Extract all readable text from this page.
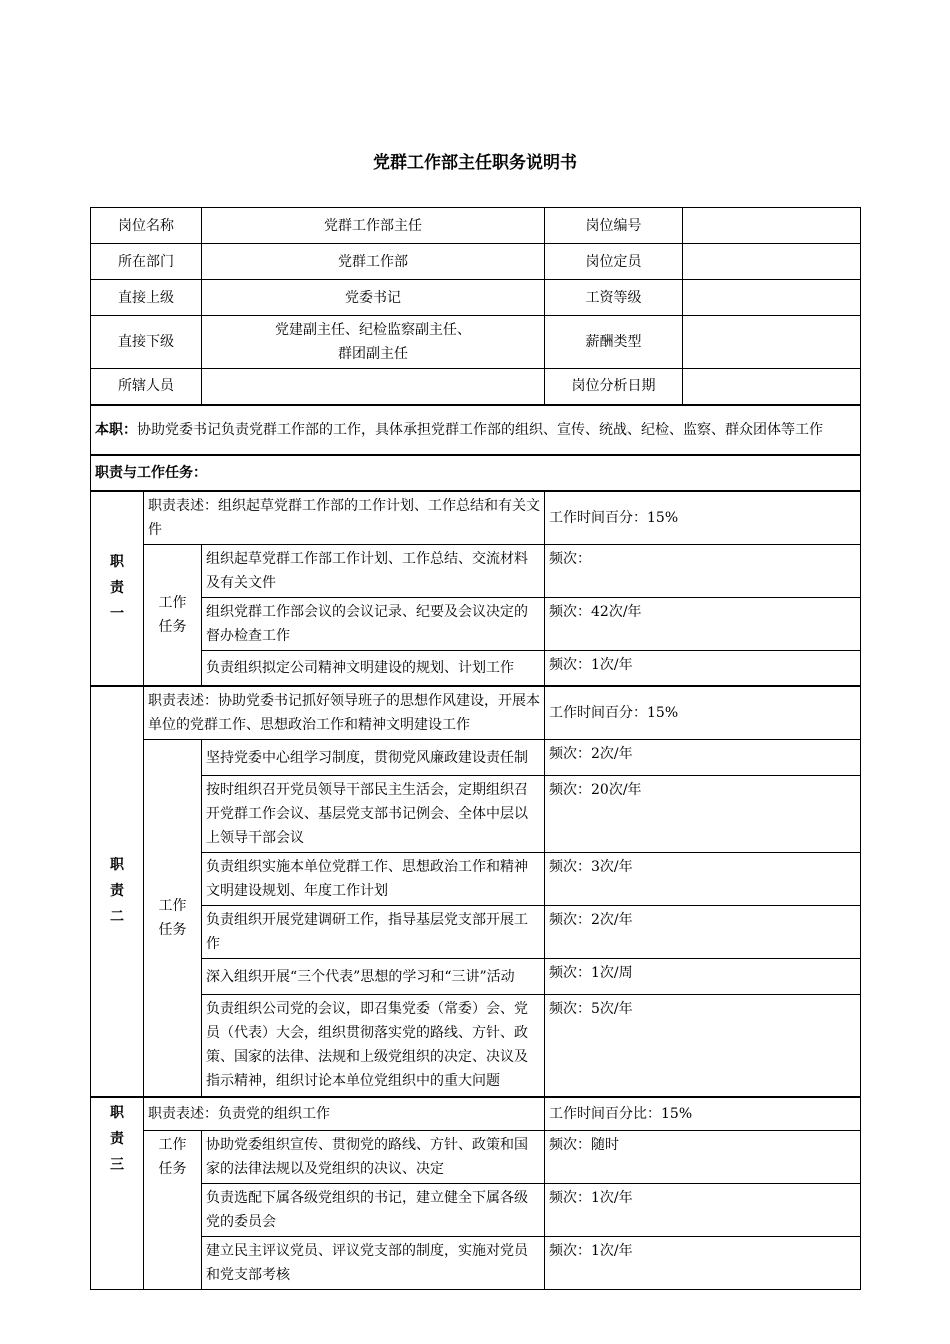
党群工作部主任职务说明书
岗位名称		党群工作部主任	岗位编号	
所在部门		党群工作部	岗位定员	
直接上级		党委书记	工资等级	
直接下级		党建副主任、纪检监察副主任、
群团副主任	薪酬类型	
所辖人员			岗位分析日期	
本职：协助党委书记负责党群工作部的工作，具体承担党群工作部的组织、宣传、统战、纪检、监察、群众团体等工作				
职责与工作任务：				

职
责
一	职责表述：组织起草党群工作部的工作计划、工作总结和有关文件		工作时间百分：15%	

	工作
任务	组织起草党群工作部工作计划、工作总结、交流材料及有关文件	频次：	
		组织党群工作部会议的会议记录、纪要及会议决定的督办检查工作	频次：42次/年	
		负责组织拟定公司精神文明建设的规划、计划工作	频次：1次/年	

职
责
二	职责表述：协助党委书记抓好领导班子的思想作风建设，开展本单位的党群工作、思想政治工作和精神文明建设工作		工作时间百分：15%	

	工作
任务	坚持党委中心组学习制度，贯彻党风廉政建设责任制	频次：2次/年	
		按时组织召开党员领导干部民主生活会，定期组织召开党群工作会议、基层党支部书记例会、全体中层以上领导干部会议	频次：20次/年	
		负责组织实施本单位党群工作、思想政治工作和精神文明建设规划、年度工作计划	频次：3次/年	
		负责组织开展党建调研工作，指导基层党支部开展工作	频次：2次/年	
		深入组织开展“三个代表”思想的学习和“三讲”活动	频次：1次/周	
		负责组织公司党的会议，即召集党委（常委）会、党员（代表）大会，组织贯彻落实党的路线、方针、政策、国家的法律、法规和上级党组织的决定、决议及指示精神，组织讨论本单位党组织中的重大问题	频次：5次/年	

职
责
三	职责表述：负责党的组织工作		工作时间百分比：15%	

	工作
任务	协助党委组织宣传、贯彻党的路线、方针、政策和国家的法律法规以及党组织的决议、决定	频次：随时	
		负责选配下属各级党组织的书记，建立健全下属各级党的委员会	频次：1次/年	
		建立民主评议党员、评议党支部的制度，实施对党员和党支部考核	频次：1次/年	
